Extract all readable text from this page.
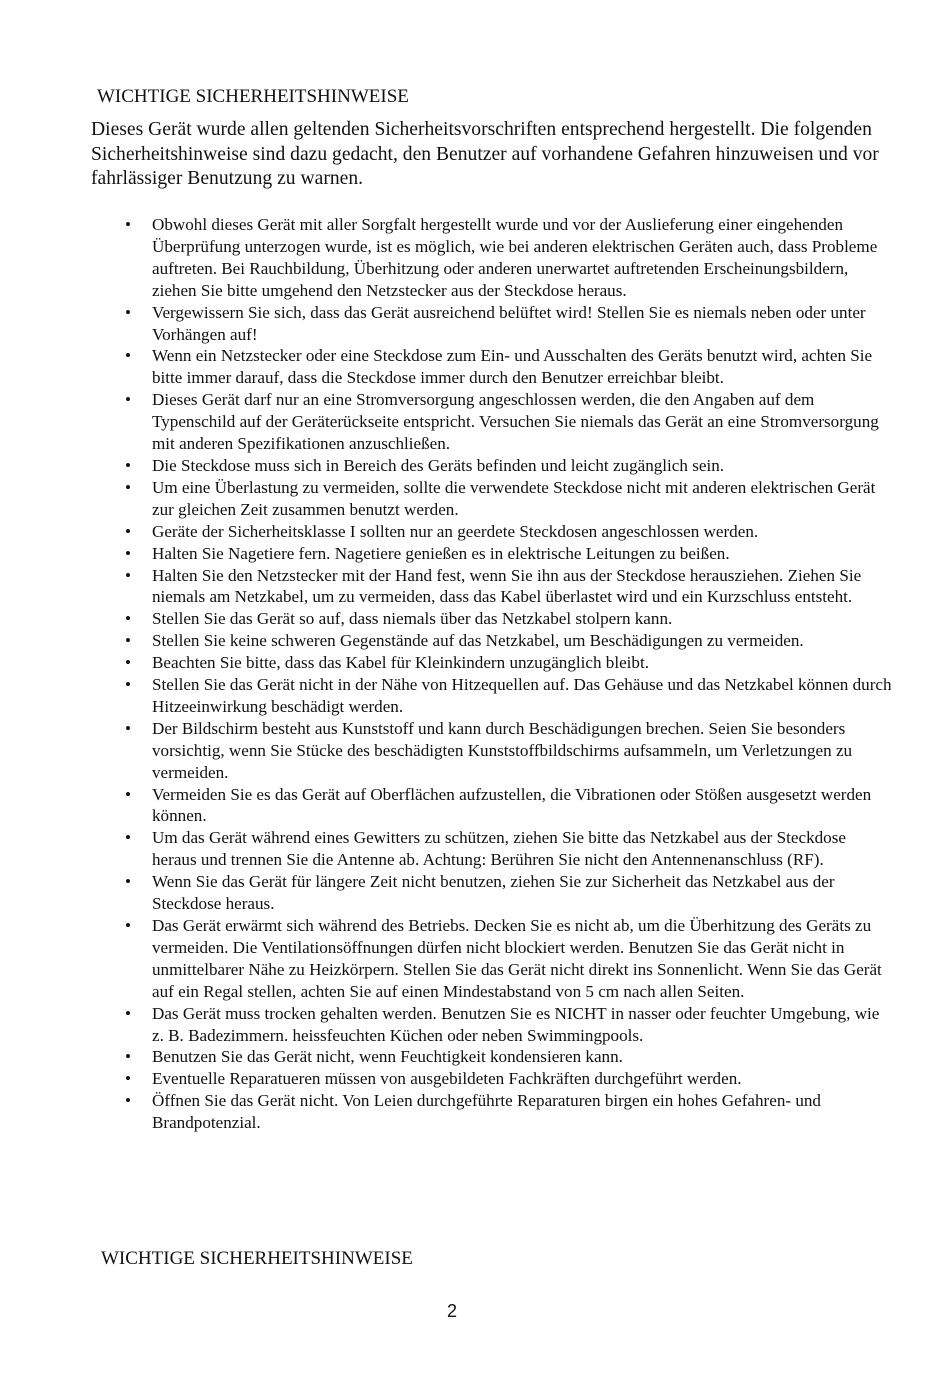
WICHTIGE SICHERHEITSHINWEISE

Dieses Gerät wurde allen geltenden Sicherheitsvorschriften entsprechend hergestellt. Die folgenden Sicherheitshinweise sind dazu gedacht, den Benutzer auf vorhandene Gefahren hinzuweisen und vor fahrlässiger Benutzung zu warnen.

• Obwohl dieses Gerät mit aller Sorgfalt hergestellt wurde und vor der Auslieferung einer eingehenden Überprüfung unterzogen wurde, ist es möglich, wie bei anderen elektrischen Geräten auch, dass Probleme auftreten. Bei Rauchbildung, Überhitzung oder anderen unerwartet auftretenden Erscheinungsbildern, ziehen Sie bitte umgehend den Netzstecker aus der Steckdose heraus.
• Vergewissern Sie sich, dass das Gerät ausreichend belüftet wird! Stellen Sie es niemals neben oder unter Vorhängen auf!
• Wenn ein Netzstecker oder eine Steckdose zum Ein- und Ausschalten des Geräts benutzt wird, achten Sie bitte immer darauf, dass die Steckdose immer durch den Benutzer erreichbar bleibt.
• Dieses Gerät darf nur an eine Stromversorgung angeschlossen werden, die den Angaben auf dem Typenschild auf der Geräterückseite entspricht. Versuchen Sie niemals das Gerät an eine Stromversorgung mit anderen Spezifikationen anzuschließen.
• Die Steckdose muss sich in Bereich des Geräts befinden und leicht zugänglich sein.
• Um eine Überlastung zu vermeiden, sollte die verwendete Steckdose nicht mit anderen elektrischen Gerät zur gleichen Zeit zusammen benutzt werden.
• Geräte der Sicherheitsklasse I sollten nur an geerdete Steckdosen angeschlossen werden.
• Halten Sie Nagetiere fern. Nagetiere genießen es in elektrische Leitungen zu beißen.
• Halten Sie den Netzstecker mit der Hand fest, wenn Sie ihn aus der Steckdose herausziehen. Ziehen Sie niemals am Netzkabel, um zu vermeiden, dass das Kabel überlastet wird und ein Kurzschluss entsteht.
• Stellen Sie das Gerät so auf, dass niemals über das Netzkabel stolpern kann.
• Stellen Sie keine schweren Gegenstände auf das Netzkabel, um Beschädigungen zu vermeiden.
• Beachten Sie bitte, dass das Kabel für Kleinkindern unzugänglich bleibt.
• Stellen Sie das Gerät nicht in der Nähe von Hitzequellen auf. Das Gehäuse und das Netzkabel können durch Hitzeeinwirkung beschädigt werden.
• Der Bildschirm besteht aus Kunststoff und kann durch Beschädigungen brechen. Seien Sie besonders vorsichtig, wenn Sie Stücke des beschädigten Kunststoffbildschirms aufsammeln, um Verletzungen zu vermeiden.
• Vermeiden Sie es das Gerät auf Oberflächen aufzustellen, die Vibrationen oder Stößen ausgesetzt werden können.
• Um das Gerät während eines Gewitters zu schützen, ziehen Sie bitte das Netzkabel aus der Steckdose heraus und trennen Sie die Antenne ab. Achtung: Berühren Sie nicht den Antennenanschluss (RF).
• Wenn Sie das Gerät für längere Zeit nicht benutzen, ziehen Sie zur Sicherheit das Netzkabel aus der Steckdose heraus.
• Das Gerät erwärmt sich während des Betriebs. Decken Sie es nicht ab, um die Überhitzung des Geräts zu vermeiden. Die Ventilationsöffnungen dürfen nicht blockiert werden. Benutzen Sie das Gerät nicht in unmittelbarer Nähe zu Heizkörpern. Stellen Sie das Gerät nicht direkt ins Sonnenlicht. Wenn Sie das Gerät auf ein Regal stellen, achten Sie auf einen Mindestabstand von 5 cm nach allen Seiten.
• Das Gerät muss trocken gehalten werden. Benutzen Sie es NICHT in nasser oder feuchter Umgebung, wie z. B. Badezimmern. heissfeuchten Küchen oder neben Swimmingpools.
• Benutzen Sie das Gerät nicht, wenn Feuchtigkeit kondensieren kann.
• Eventuelle Reparatueren müssen von ausgebildeten Fachkräften durchgeführt werden.
• Öffnen Sie das Gerät nicht. Von Leien durchgeführte Reparaturen birgen ein hohes Gefahren- und Brandpotenzial.
WICHTIGE SICHERHEITSHINWEISE
2
